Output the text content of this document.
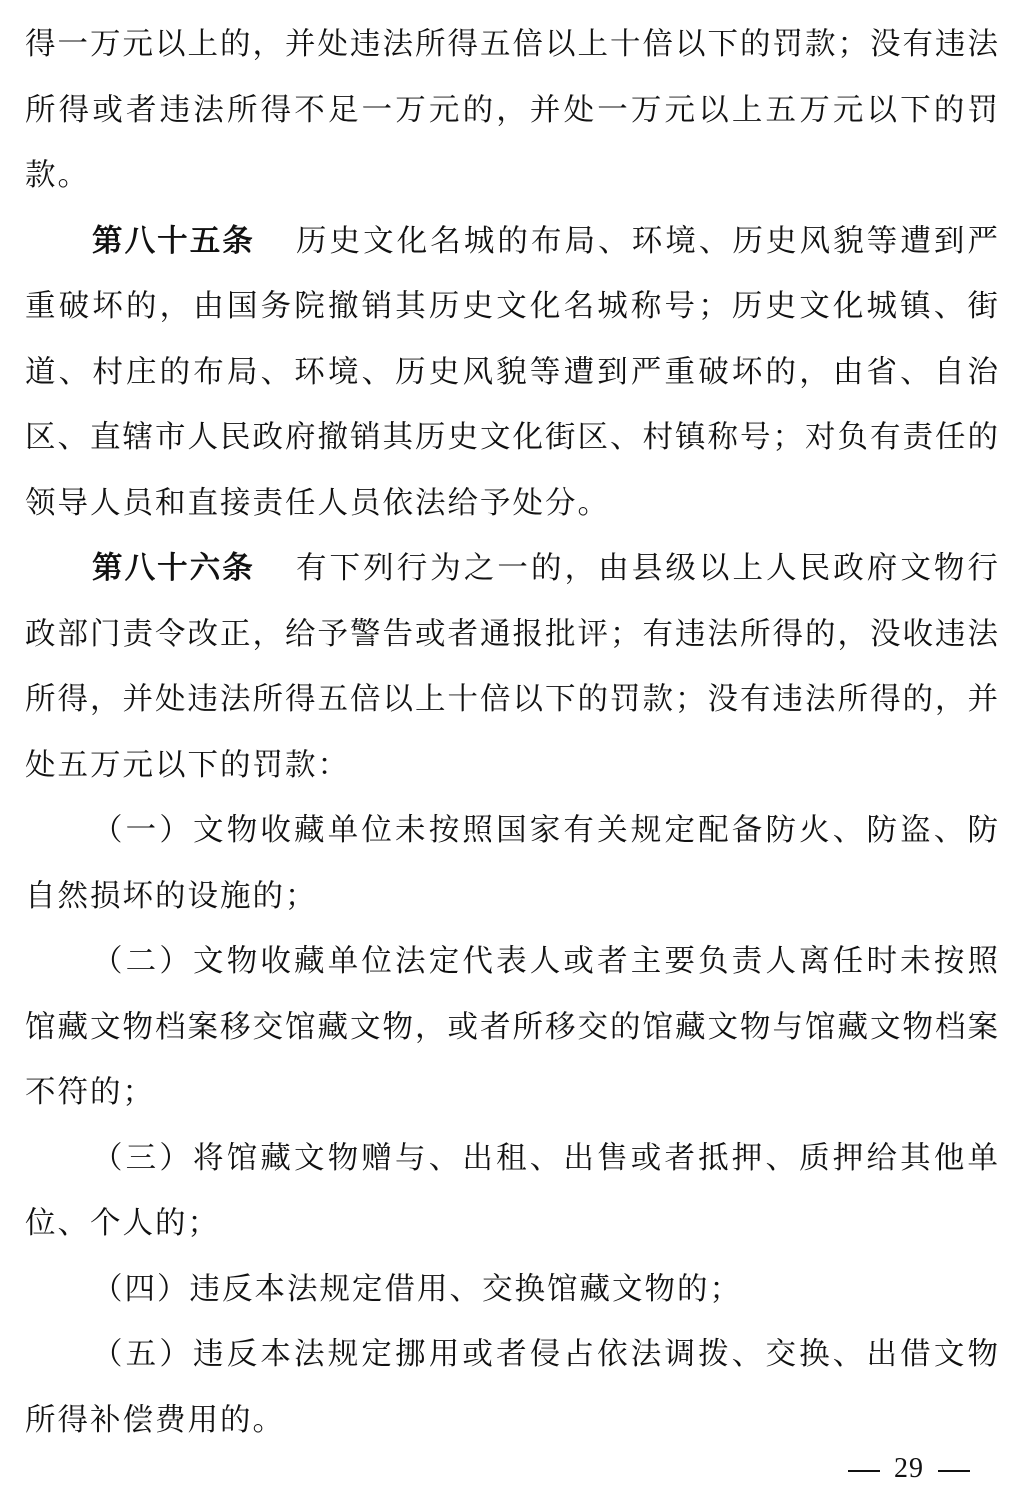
得一万元以上的，并处违法所得五倍以上十倍以下的罚款；没有违法所得或者违法所得不足一万元的，并处一万元以上五万元以下的罚款。

第八十五条 历史文化名城的布局、环境、历史风貌等遭到严重破坏的，由国务院撤销其历史文化名城称号；历史文化城镇、街道、村庄的布局、环境、历史风貌等遭到严重破坏的，由省、自治区、直辖市人民政府撤销其历史文化街区、村镇称号；对负有责任的领导人员和直接责任人员依法给予处分。

第八十六条 有下列行为之一的，由县级以上人民政府文物行政部门责令改正，给予警告或者通报批评；有违法所得的，没收违法所得，并处违法所得五倍以上十倍以下的罚款；没有违法所得的，并处五万元以下的罚款：

（一）文物收藏单位未按照国家有关规定配备防火、防盗、防自然损坏的设施的；

（二）文物收藏单位法定代表人或者主要负责人离任时未按照馆藏文物档案移交馆藏文物，或者所移交的馆藏文物与馆藏文物档案不符的；

（三）将馆藏文物赠与、出租、出售或者抵押、质押给其他单位、个人的；

（四）违反本法规定借用、交换馆藏文物的；

（五）违反本法规定挪用或者侵占依法调拨、交换、出借文物所得补偿费用的。

29
